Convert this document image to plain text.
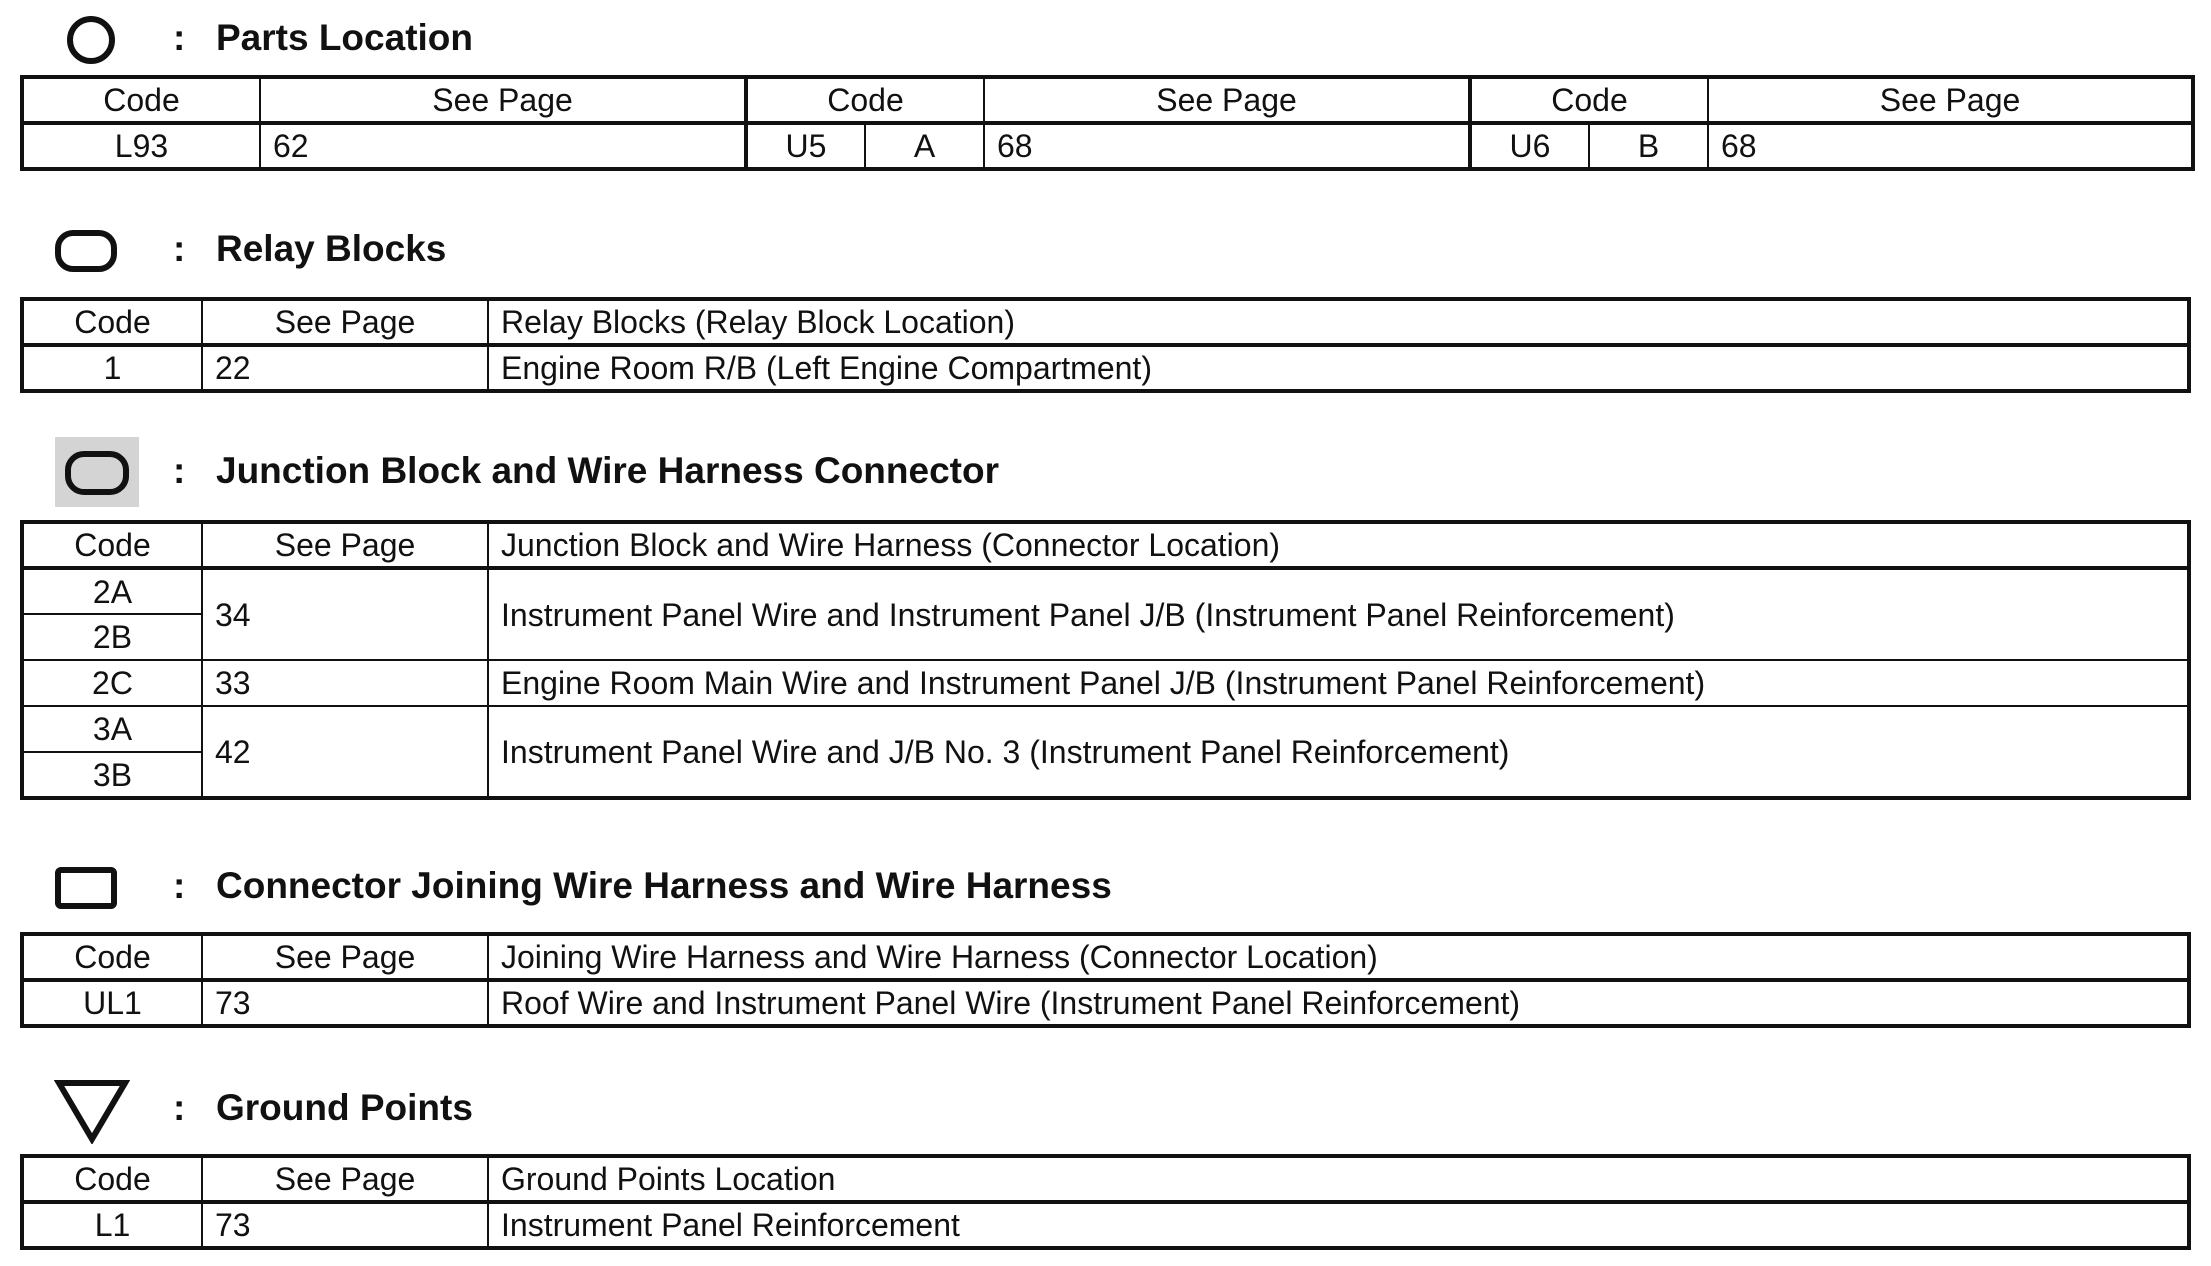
: Parts Location
Code	See Page	Code		See Page	Code		See Page
L93	62	U5	A	68	U6	B	68
: Relay Blocks
Code	See Page	Relay Blocks (Relay Block Location)
1	22	Engine Room R/B (Left Engine Compartment)
: Junction Block and Wire Harness Connector
Code	See Page	Junction Block and Wire Harness (Connector Location)
2A	34	Instrument Panel Wire and Instrument Panel J/B (Instrument Panel Reinforcement)
2B		
2C	33	Engine Room Main Wire and Instrument Panel J/B (Instrument Panel Reinforcement)
3A	42	Instrument Panel Wire and J/B No. 3 (Instrument Panel Reinforcement)
3B		
: Connector Joining Wire Harness and Wire Harness
Code	See Page	Joining Wire Harness and Wire Harness (Connector Location)
UL1	73	Roof Wire and Instrument Panel Wire (Instrument Panel Reinforcement)
: Ground Points
Code	See Page	Ground Points Location
L1	73	Instrument Panel Reinforcement
